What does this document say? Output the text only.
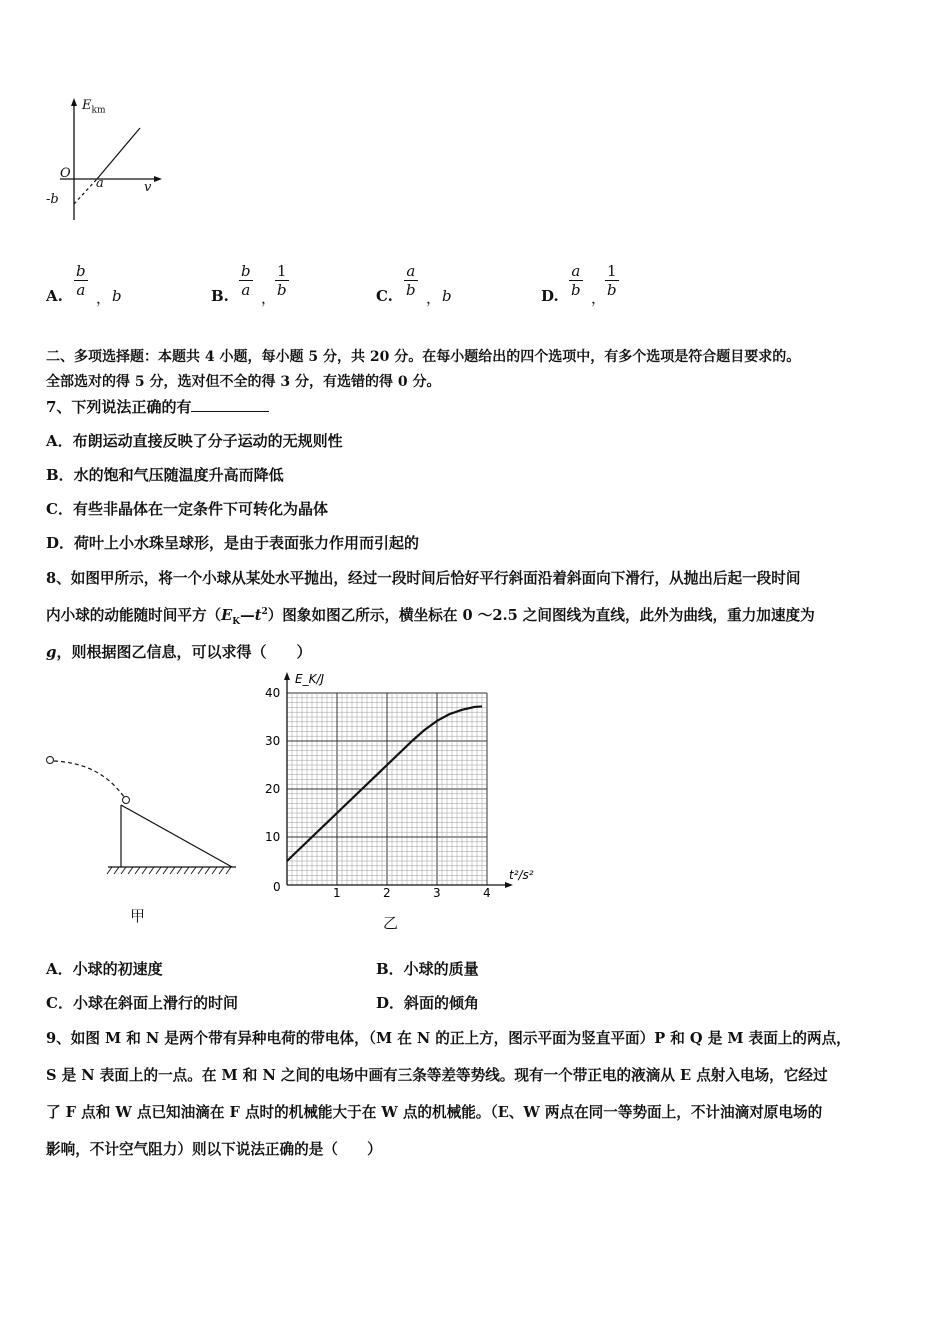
$E_{km}$
O
a	v
-b
A. $\frac{b}{a}$ ， b	B. $\frac{b}{a}$ ，
$\frac{1}{b}$	C. $\frac{a}{b}$ ， b	D. $\frac{a}{b}$ ，
$\frac{1}{b}$
二、多项选择题：本题共 4 小题，每小题 5 分，共 20 分。在每小题给出的四个选项中，有多个选项是符合题目要求的。
全部选对的得 5 分，选对但不全的得 3 分，有选错的得 0 分。
7、下列说法正确的有
A．布朗运动直接反映了分子运动的无规则性
B．水的饱和气压随温度升高而降低
C．有些非晶体在一定条件下可转化为晶体
D．荷叶上小水珠呈球形，是由于表面张力作用而引起的
8、如图甲所示，将一个小球从某处水平抛出，经过一段时间后恰好平行斜面沿着斜面向下滑行，从抛出后起一段时间
内小球的动能随时间平方$(E_K—t^2)$图象如图乙所示，横坐标在 0 ～2.5 之间图线为直线，此外为曲线，重力加速度为
g，则根据图乙信息，可以求得（　　）
甲
10
20
30
40
0	1	2	3	4
E_K/J
t²/s²
乙
A．小球的初速度	B．小球的质量
C．小球在斜面上滑行的时间	D．斜面的倾角
9、如图 M 和 N 是两个带有异种电荷的带电体，（M 在 N 的正上方，图示平面为竖直平面）P 和 Q 是 M 表面上的两点，
S 是 N 表面上的一点。在 M 和 N 之间的电场中画有三条等差等势线。现有一个带正电的液滴从 E 点射入电场，它经过
了 F 点和 W 点已知油滴在 F 点时的机械能大于在 W 点的机械能。（E、W 两点在同一等势面上，不计油滴对原电场的
影响，不计空气阻力）则以下说法正确的是（　　）
